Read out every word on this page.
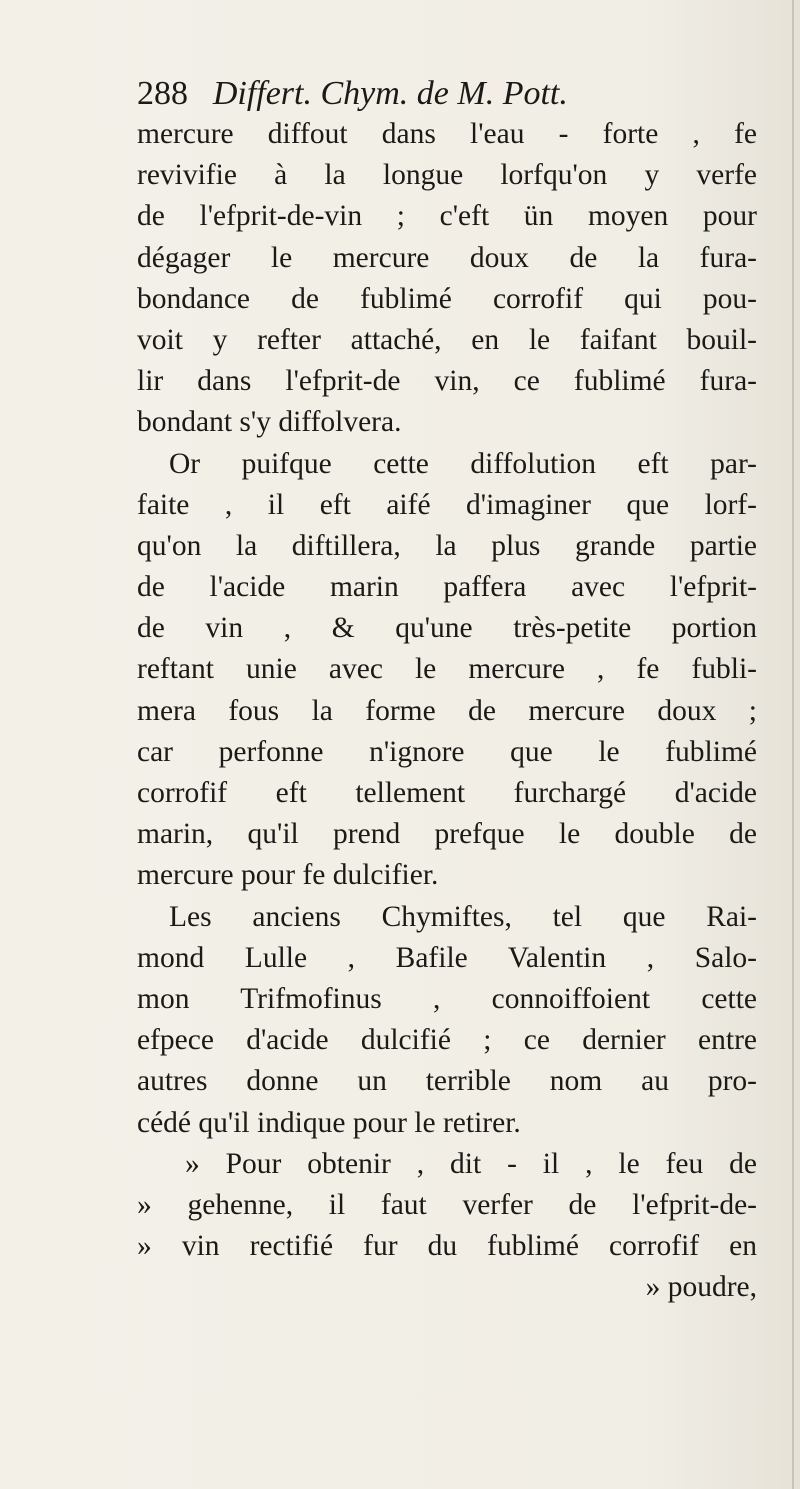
288 Differt. Chym. de M. Pott.
mercure diffout dans l'eau - forte , fe
revivifie à la longue lorfqu'on y verfe
de l'efprit-de-vin ; c'eft ün moyen pour
dégager le mercure doux de la fura-
bondance de fublimé corrofif qui pou-
voit y refter attaché, en le faifant bouil-
lir dans l'efprit-de vin, ce fublimé fura-
bondant s'y diffolvera.
Or puifque cette diffolution eft par-
faite , il eft aifé d'imaginer que lorf-
qu'on la diftillera, la plus grande partie
de l'acide marin paffera avec l'efprit-
de vin , & qu'une très-petite portion
reftant unie avec le mercure , fe fubli-
mera fous la forme de mercure doux ;
car perfonne n'ignore que le fublimé
corrofif eft tellement furchargé d'acide
marin, qu'il prend prefque le double de
mercure pour fe dulcifier.
Les anciens Chymiftes, tel que Rai-
mond Lulle , Bafile Valentin , Salo-
mon Trifmofinus , connoiffoient cette
efpece d'acide dulcifié ; ce dernier entre
autres donne un terrible nom au pro-
cédé qu'il indique pour le retirer.
» Pour obtenir , dit - il , le feu de
» gehenne, il faut verfer de l'efprit-de-
» vin rectifié fur du fublimé corrofif en
» poudre,
